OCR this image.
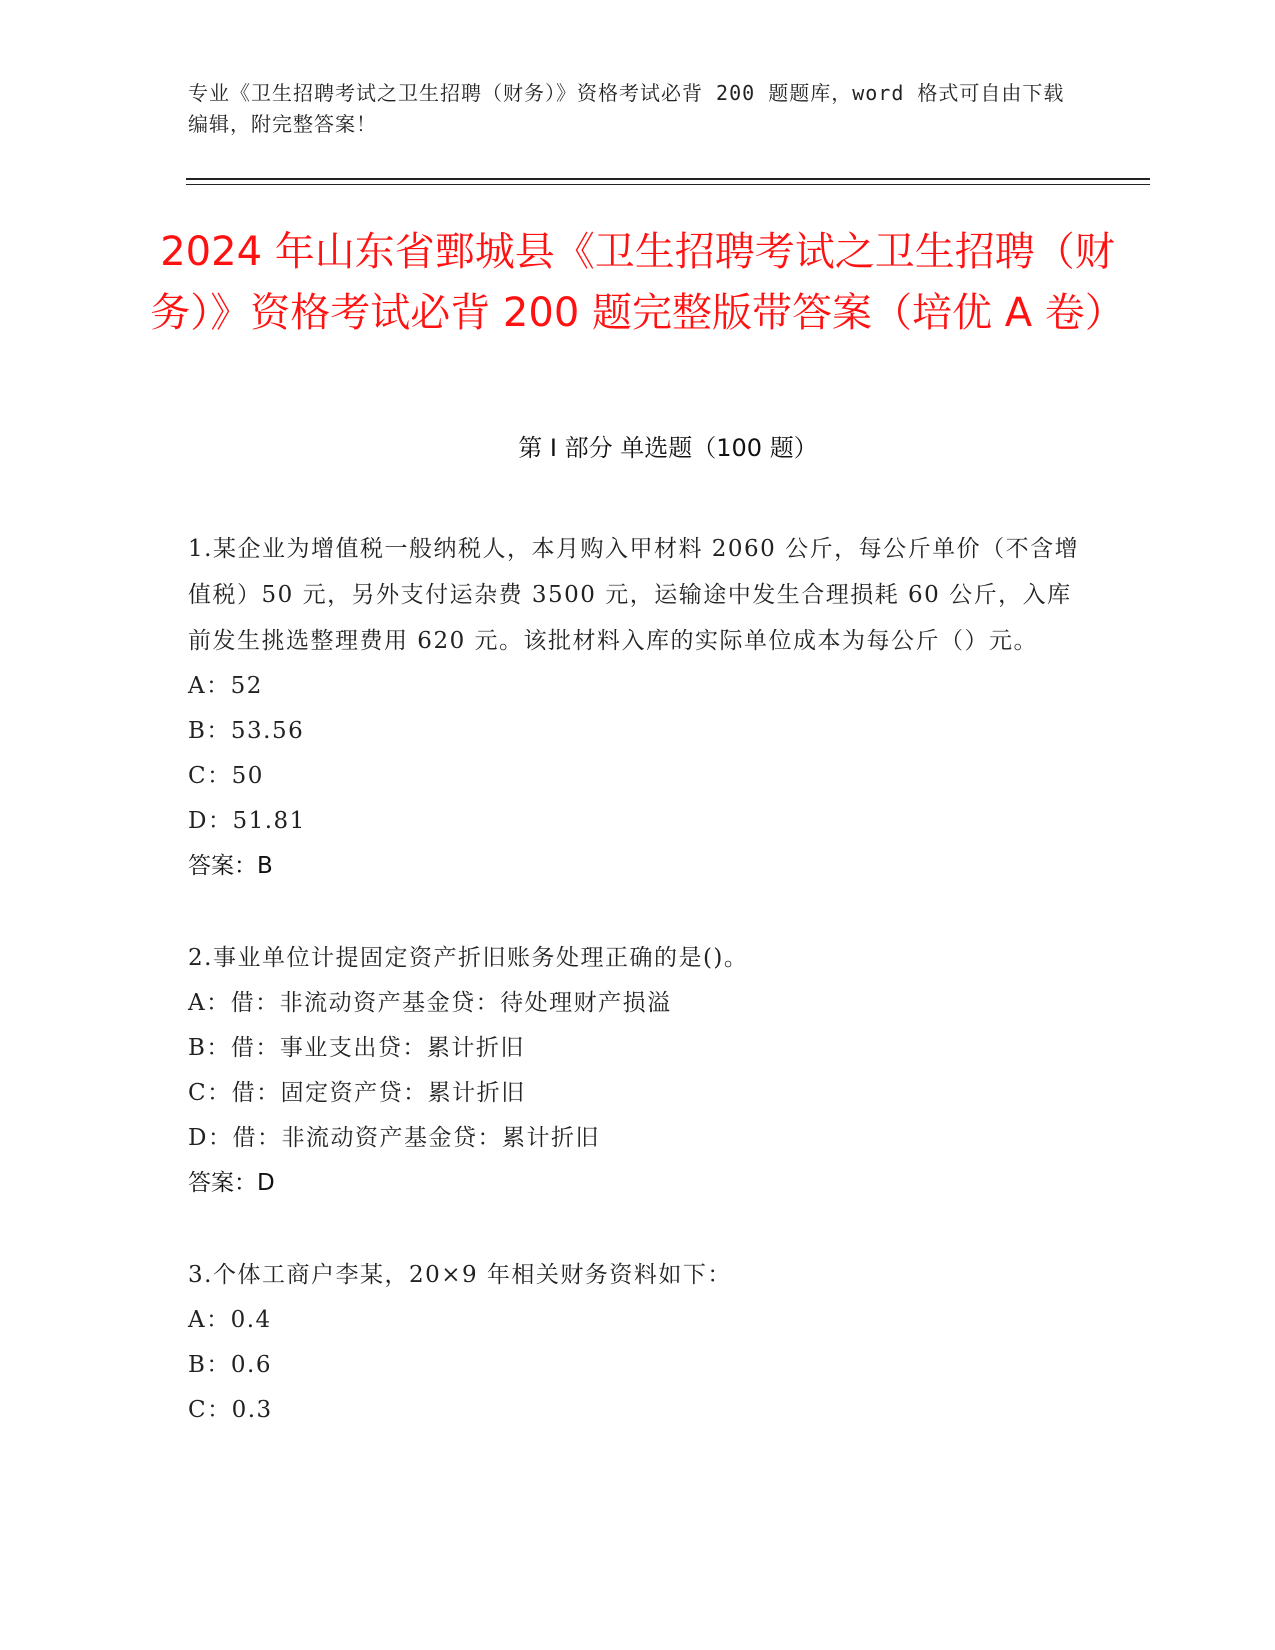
专业《卫生招聘考试之卫生招聘（财务）》资格考试必背 200 题题库，word 格式可自由下载编辑，附完整答案！
2024 年山东省鄄城县《卫生招聘考试之卫生招聘（财务）》资格考试必背 200 题完整版带答案（培优 A 卷）
第 I 部分 单选题（100 题）
1.某企业为增值税一般纳税人，本月购入甲材料 2060 公斤，每公斤单价（不含增值税）50 元，另外支付运杂费 3500 元，运输途中发生合理损耗 60 公斤，入库前发生挑选整理费用 620 元。该批材料入库的实际单位成本为每公斤（）元。
A：52
B：53.56
C：50
D：51.81
答案：B
2.事业单位计提固定资产折旧账务处理正确的是()。
A：借：非流动资产基金贷：待处理财产损溢
B：借：事业支出贷：累计折旧
C：借：固定资产贷：累计折旧
D：借：非流动资产基金贷：累计折旧
答案：D
3.个体工商户李某，20×9 年相关财务资料如下：
A：0.4
B：0.6
C：0.3
